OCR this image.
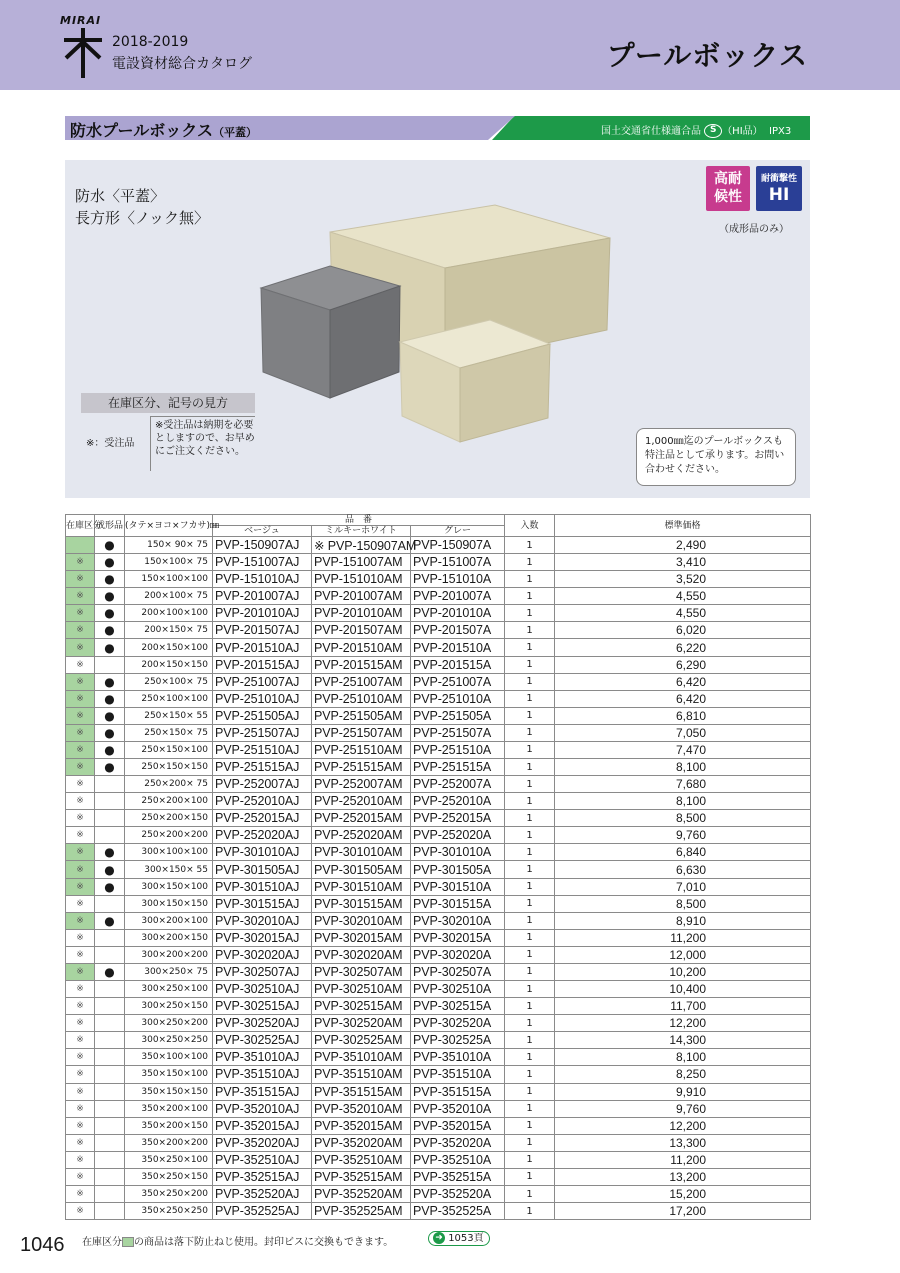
MIRAI
2018-2019
電設資材総合カタログ	プールボックス
防水プールボックス（平蓋）	国土交通省仕様適合品 S （HI品） IPX3
防水〈平蓋〉
長方形〈ノック無〉
高耐
候性
耐衝撃性
HI
（成形品のみ）
在庫区分、記号の見方
※：受注品
※受注品は納期を必要としますので、お早めにご注文ください。
1,000㎜迄のプールボックスも特注品として承ります。お問い合わせください。
在庫区分	成形品	(タテ×ヨコ×フカサ)㎜	品　番			入数	標準価格
			ベージュ	ミルキーホワイト	グレー		
	●	150× 90× 75	PVP-150907AJ	※ PVP-150907AM	PVP-150907A	1	2,490
※	●	150×100× 75	PVP-151007AJ	PVP-151007AM	PVP-151007A	1	3,410
※	●	150×100×100	PVP-151010AJ	PVP-151010AM	PVP-151010A	1	3,520
※	●	200×100× 75	PVP-201007AJ	PVP-201007AM	PVP-201007A	1	4,550
※	●	200×100×100	PVP-201010AJ	PVP-201010AM	PVP-201010A	1	4,550
※	●	200×150× 75	PVP-201507AJ	PVP-201507AM	PVP-201507A	1	6,020
※	●	200×150×100	PVP-201510AJ	PVP-201510AM	PVP-201510A	1	6,220
※		200×150×150	PVP-201515AJ	PVP-201515AM	PVP-201515A	1	6,290
※	●	250×100× 75	PVP-251007AJ	PVP-251007AM	PVP-251007A	1	6,420
※	●	250×100×100	PVP-251010AJ	PVP-251010AM	PVP-251010A	1	6,420
※	●	250×150× 55	PVP-251505AJ	PVP-251505AM	PVP-251505A	1	6,810
※	●	250×150× 75	PVP-251507AJ	PVP-251507AM	PVP-251507A	1	7,050
※	●	250×150×100	PVP-251510AJ	PVP-251510AM	PVP-251510A	1	7,470
※	●	250×150×150	PVP-251515AJ	PVP-251515AM	PVP-251515A	1	8,100
※		250×200× 75	PVP-252007AJ	PVP-252007AM	PVP-252007A	1	7,680
※		250×200×100	PVP-252010AJ	PVP-252010AM	PVP-252010A	1	8,100
※		250×200×150	PVP-252015AJ	PVP-252015AM	PVP-252015A	1	8,500
※		250×200×200	PVP-252020AJ	PVP-252020AM	PVP-252020A	1	9,760
※	●	300×100×100	PVP-301010AJ	PVP-301010AM	PVP-301010A	1	6,840
※	●	300×150× 55	PVP-301505AJ	PVP-301505AM	PVP-301505A	1	6,630
※	●	300×150×100	PVP-301510AJ	PVP-301510AM	PVP-301510A	1	7,010
※		300×150×150	PVP-301515AJ	PVP-301515AM	PVP-301515A	1	8,500
※	●	300×200×100	PVP-302010AJ	PVP-302010AM	PVP-302010A	1	8,910
※		300×200×150	PVP-302015AJ	PVP-302015AM	PVP-302015A	1	11,200
※		300×200×200	PVP-302020AJ	PVP-302020AM	PVP-302020A	1	12,000
※	●	300×250× 75	PVP-302507AJ	PVP-302507AM	PVP-302507A	1	10,200
※		300×250×100	PVP-302510AJ	PVP-302510AM	PVP-302510A	1	10,400
※		300×250×150	PVP-302515AJ	PVP-302515AM	PVP-302515A	1	11,700
※		300×250×200	PVP-302520AJ	PVP-302520AM	PVP-302520A	1	12,200
※		300×250×250	PVP-302525AJ	PVP-302525AM	PVP-302525A	1	14,300
※		350×100×100	PVP-351010AJ	PVP-351010AM	PVP-351010A	1	8,100
※		350×150×100	PVP-351510AJ	PVP-351510AM	PVP-351510A	1	8,250
※		350×150×150	PVP-351515AJ	PVP-351515AM	PVP-351515A	1	9,910
※		350×200×100	PVP-352010AJ	PVP-352010AM	PVP-352010A	1	9,760
※		350×200×150	PVP-352015AJ	PVP-352015AM	PVP-352015A	1	12,200
※		350×200×200	PVP-352020AJ	PVP-352020AM	PVP-352020A	1	13,300
※		350×250×100	PVP-352510AJ	PVP-352510AM	PVP-352510A	1	11,200
※		350×250×150	PVP-352515AJ	PVP-352515AM	PVP-352515A	1	13,200
※		350×250×200	PVP-352520AJ	PVP-352520AM	PVP-352520A	1	15,200
※		350×250×250	PVP-352525AJ	PVP-352525AM	PVP-352525A	1	17,200
1046 在庫区分 の商品は落下防止ねじ使用。封印ビスに交換もできます。	➜ 1053頁
